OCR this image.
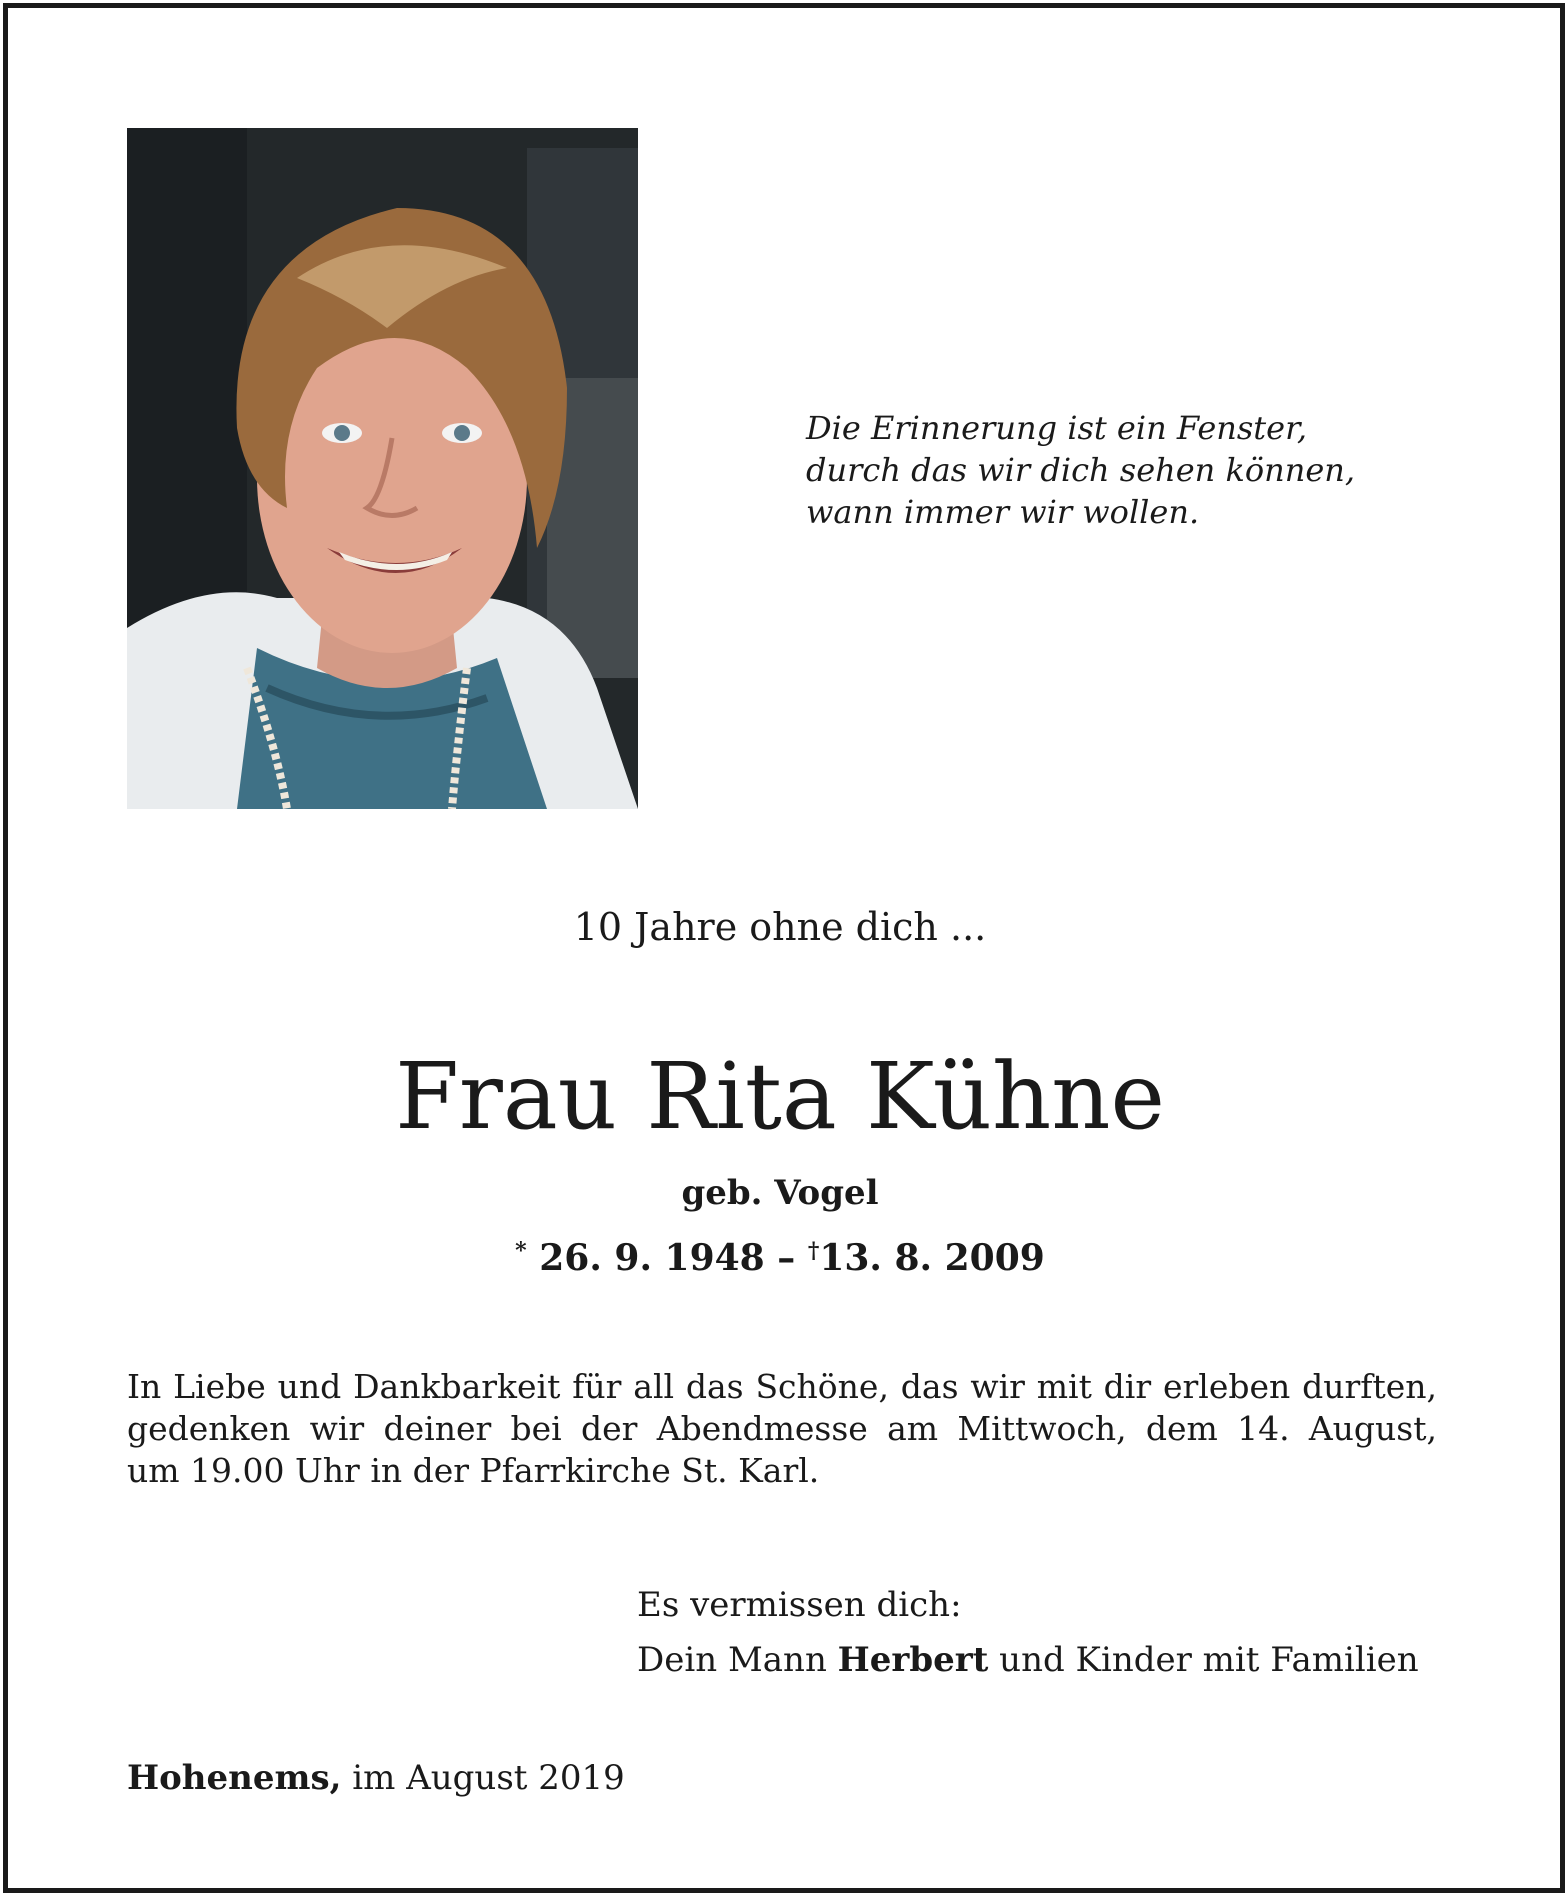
Die Erinnerung ist ein Fenster,
durch das wir dich sehen können,
wann immer wir wollen.
10 Jahre ohne dich ...
Frau Rita Kühne
geb. Vogel
* 26. 9. 1948 – †13. 8. 2009
In Liebe und Dankbarkeit für all das Schöne, das wir mit dir erleben durften,
gedenken wir deiner bei der Abendmesse am Mittwoch, dem 14. August,
um 19.00 Uhr in der Pfarrkirche St. Karl.
Es vermissen dich:
Dein Mann Herbert und Kinder mit Familien
Hohenems, im August 2019
